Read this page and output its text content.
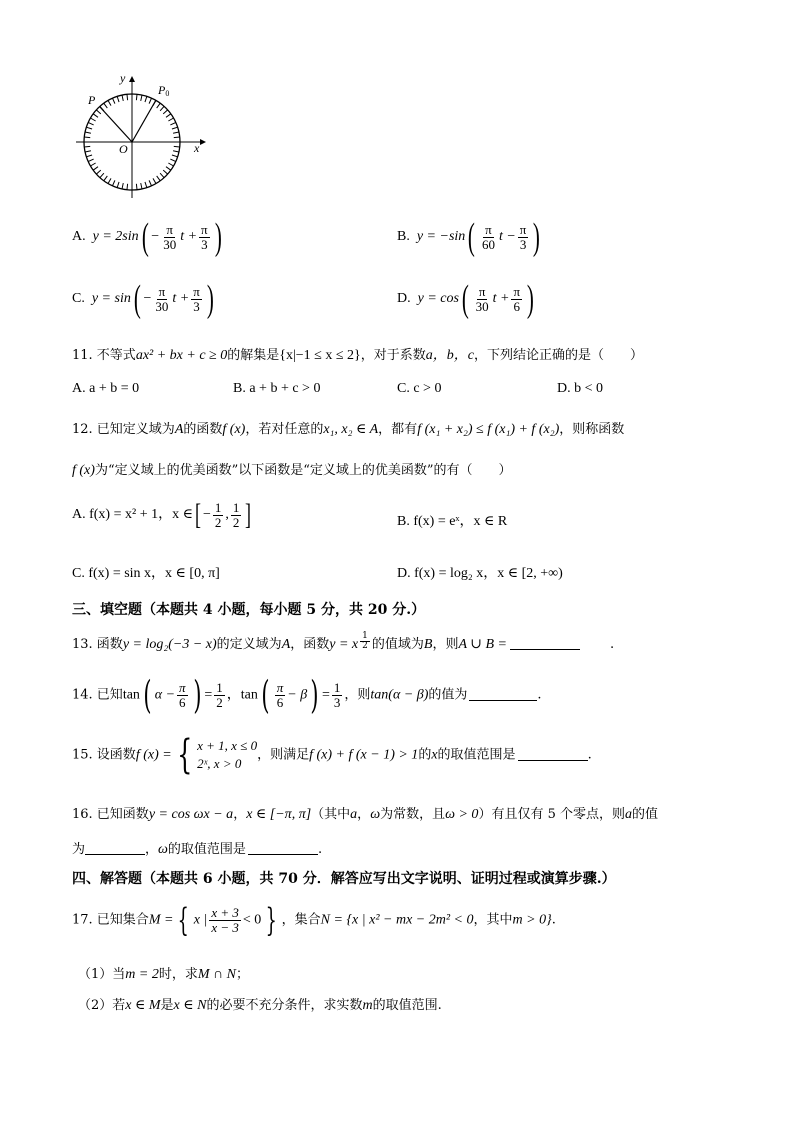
y
x
O
P
P0
A. $y = 2\sin( - \frac{\pi}{30}$ $t + \frac{\pi}{3}$ )	B. $y = -\sin( \frac{\pi}{60}$ $t - \frac{\pi}{3}$ )
C. $y = \sin( - \frac{\pi}{30}$ $t + \frac{\pi}{3}$ )	D. $y = \cos( \frac{\pi}{30}$ $t + \frac{\pi}{6}$ )
11. 不等式ax² + bx + c ≥ 0的解集是{x|−1 ≤ x ≤ 2}，对于系数a，b，c，下列结论正确的是（　　）
A. a + b = 0	B. a + b + c > 0	C. c > 0	D. b < 0
12. 已知定义域为A的函数f (x)，若对任意的x₁, x₂ ∈ A，都有f (x₁ + x₂) ≤ f (x₁) + f (x₂)，则称函数
f (x)为“定义域上的优美函数”以下函数是“定义域上的优美函数”的有（　　）
A. f(x) = x² + 1，x ∈[ − $\frac{1}{2}$ , $\frac{1}{2}$ ]	B. f(x) = eˣ，x ∈ R
C. f(x) = sin x，x ∈ [0, π]	D. f(x) = log₂ x，x ∈ [2, +∞)
三、填空题（本题共 4 小题，每小题 5 分，共 20 分.）
13. 函数y = log₂(−3 − x)的定义域为A，函数y = x $\frac{1}{2}$ 的值域为B，则A ∪ B =	.
14. 已知tan( $\alpha - \frac{\pi}{6}$ ) = $\frac{1}{2}$ ，$\tan( \frac{\pi}{6} - \beta) = \frac{1}{3}$ ，则tan(α − β)的值为	.
15. 设函数f (x) = { x + 1, x ≤ 0
2ˣ, x > 0
，则满足f (x) + f (x − 1) > 1的x的取值范围是	.
16. 已知函数y = cos ωx − a，x ∈ [−π, π]（其中a，ω为常数，且ω > 0）有且仅有 5 个零点，则a的值
为	，ω的取值范围是	.
四、解答题（本题共 6 小题，共 70 分．解答应写出文字说明、证明过程或演算步骤.）
17. 已知集合M = { x | $\frac{x + 3}{x - 3} < 0$ } ，集合N = {x | x² − mx − 2m² < 0，其中m > 0}.
（1）当m = 2时，求M ∩ N；
（2）若x ∈ M是x ∈ N的必要不充分条件，求实数m的取值范围.
